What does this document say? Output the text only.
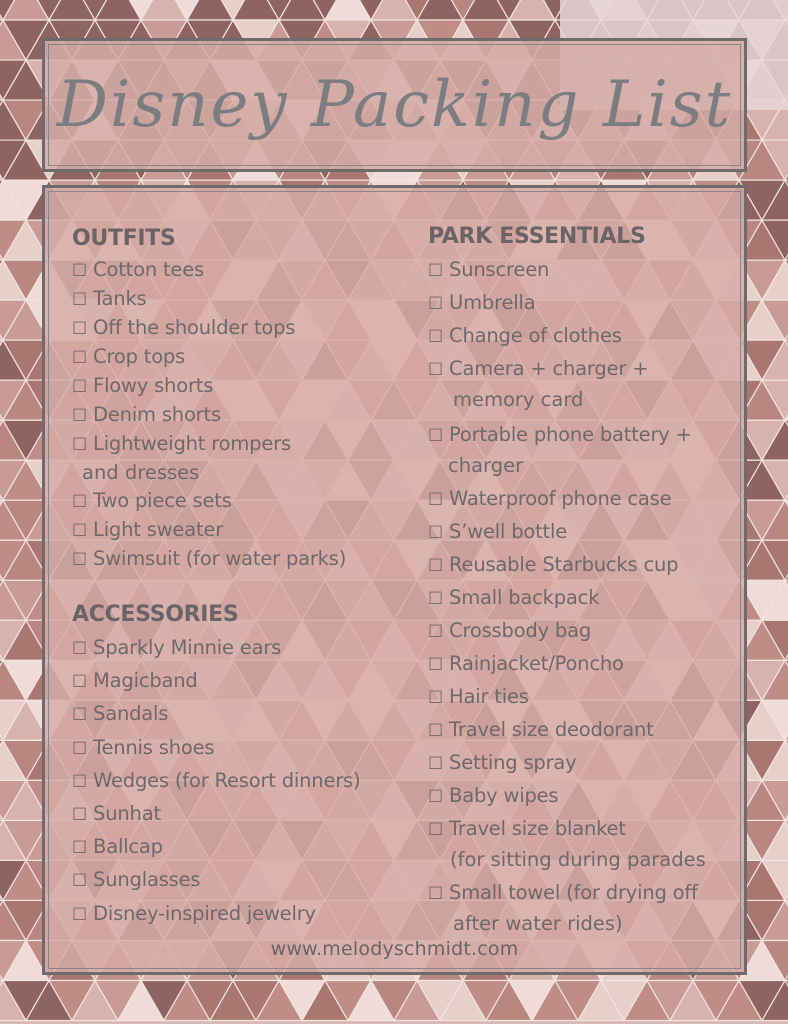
Disney Packing List
OUTFITS
☐ Cotton tees
☐ Tanks
☐ Off the shoulder tops
☐ Crop tops
☐ Flowy shorts
☐ Denim shorts
☐ Lightweight rompers
and dresses
☐ Two piece sets
☐ Light sweater
☐ Swimsuit (for water parks)
ACCESSORIES
☐ Sparkly Minnie ears
☐ Magicband
☐ Sandals
☐ Tennis shoes
☐ Wedges (for Resort dinners)
☐ Sunhat
☐ Ballcap
☐ Sunglasses
☐ Disney-inspired jewelry
PARK ESSENTIALS
☐ Sunscreen
☐ Umbrella
☐ Change of clothes
☐ Camera + charger +
memory card
☐ Portable phone battery +
charger
☐ Waterproof phone case
☐ S’well bottle
☐ Reusable Starbucks cup
☐ Small backpack
☐ Crossbody bag
☐ Rainjacket/Poncho
☐ Hair ties
☐ Travel size deodorant
☐ Setting spray
☐ Baby wipes
☐ Travel size blanket
(for sitting during parades
☐ Small towel (for drying off
after water rides)
www.melodyschmidt.com
